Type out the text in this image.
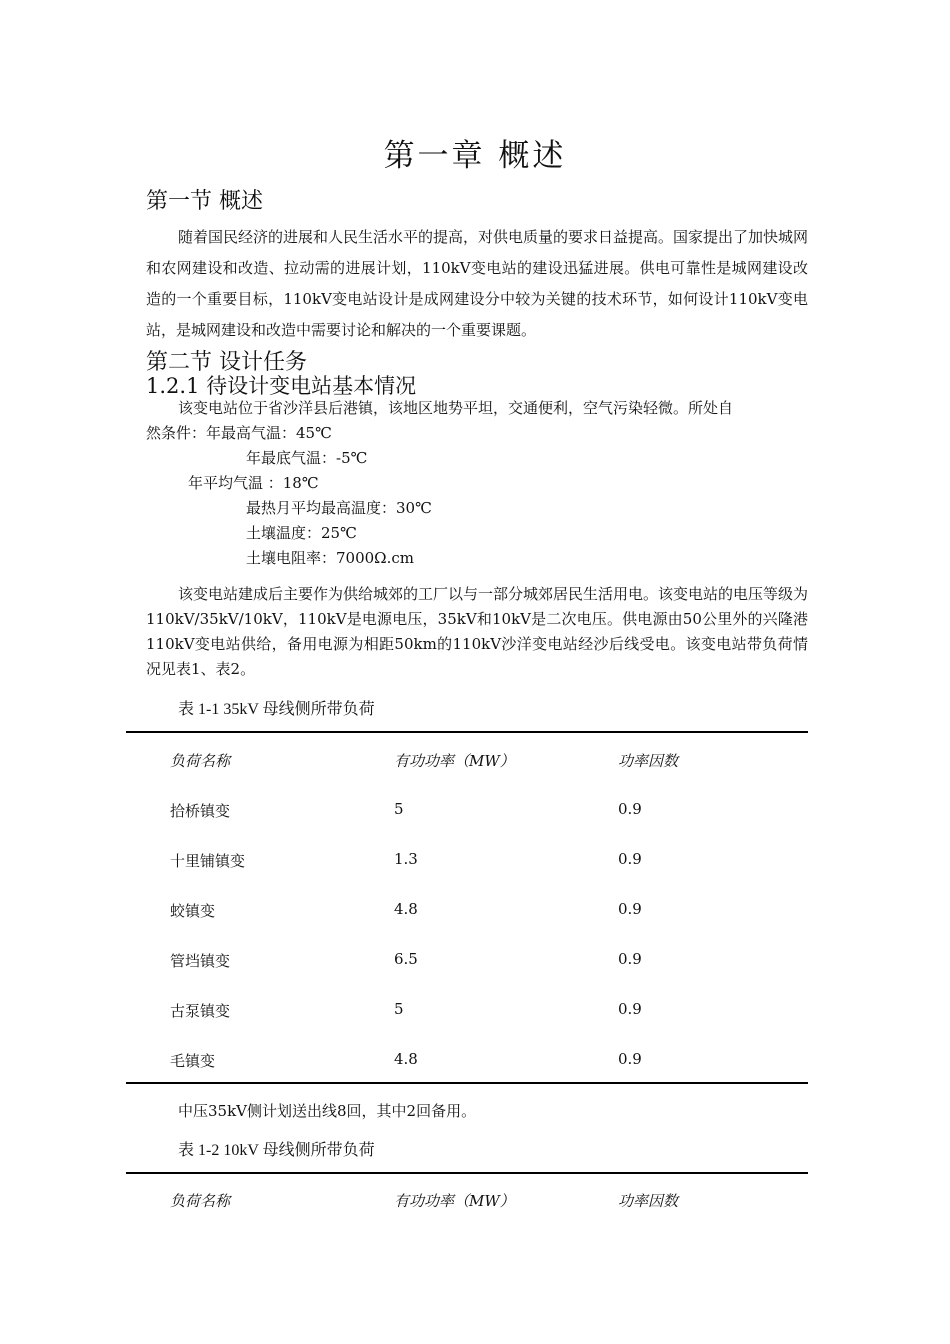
第一章 概述
第一节 概述
随着国民经济的进展和人民生活水平的提高，对供电质量的要求日益提高。国家提出了加快城网和农网建设和改造、拉动需的进展计划，110kV变电站的建设迅猛进展。供电可靠性是城网建设改造的一个重要目标，110kV变电站设计是成网建设分中较为关键的技术环节，如何设计110kV变电站，是城网建设和改造中需要讨论和解决的一个重要课题。
第二节 设计任务
1.2.1 待设计变电站基本情况
该变电站位于省沙洋县后港镇，该地区地势平坦，交通便利，空气污染轻微。所处自
然条件：年最高气温：45℃
年最底气温：-5℃
年平均气温 ：18℃
最热月平均最高温度：30℃
土壤温度：25℃
土壤电阻率：7000Ω.cm
该变电站建成后主要作为供给城郊的工厂以与一部分城郊居民生活用电。该变电站的电压等级为110kV/35kV/10kV，110kV是电源电压，35kV和10kV是二次电压。供电源由50公里外的兴隆港110kV变电站供给，备用电源为相距50km的110kV沙洋变电站经沙后线受电。该变电站带负荷情况见表1、表2。
表 1-1 35kV 母线侧所带负荷
负荷名称	有功功率（MW）	功率因数
拾桥镇变	5	0.9
十里铺镇变	1.3	0.9
蛟镇变	4.8	0.9
管垱镇变	6.5	0.9
古泵镇变	5	0.9
毛镇变	4.8	0.9
中压35kV侧计划送出线8回，其中2回备用。
表 1-2 10kV 母线侧所带负荷
负荷名称	有功功率（MW）	功率因数
